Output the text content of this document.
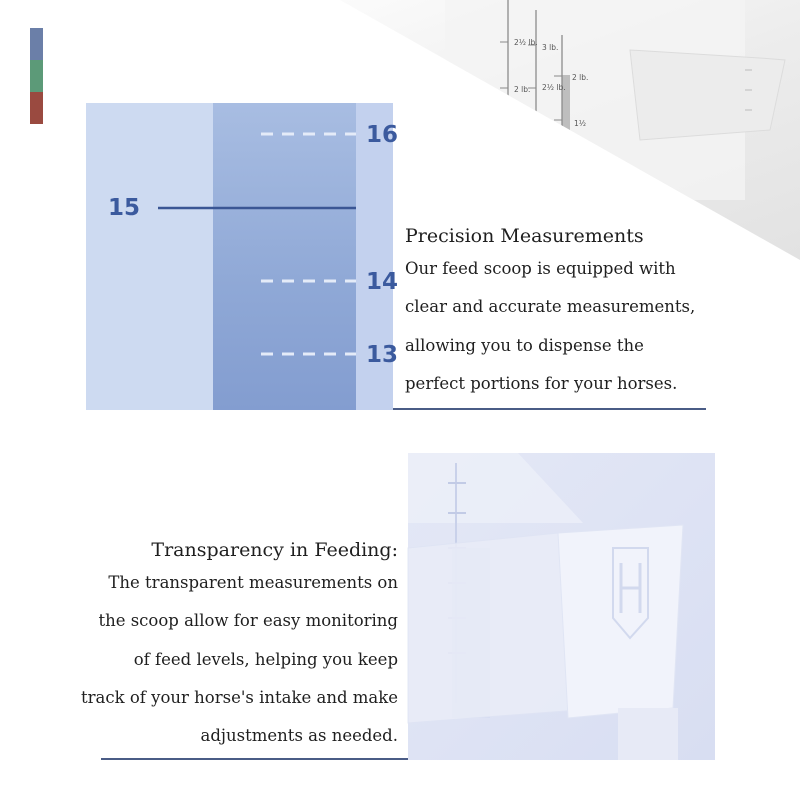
2½ lb.
3 lb.
2 lb.
2½ lb.
2 lb.
1½
16
15
14
13

Precision Measurements

Our feed scoop is equipped with

clear and accurate measurements,

allowing you to dispense the

perfect portions for your horses.

Transparency in Feeding:

The transparent measurements on

the scoop allow for easy monitoring

of feed levels, helping you keep

track of your horse's intake and make

adjustments as needed.
